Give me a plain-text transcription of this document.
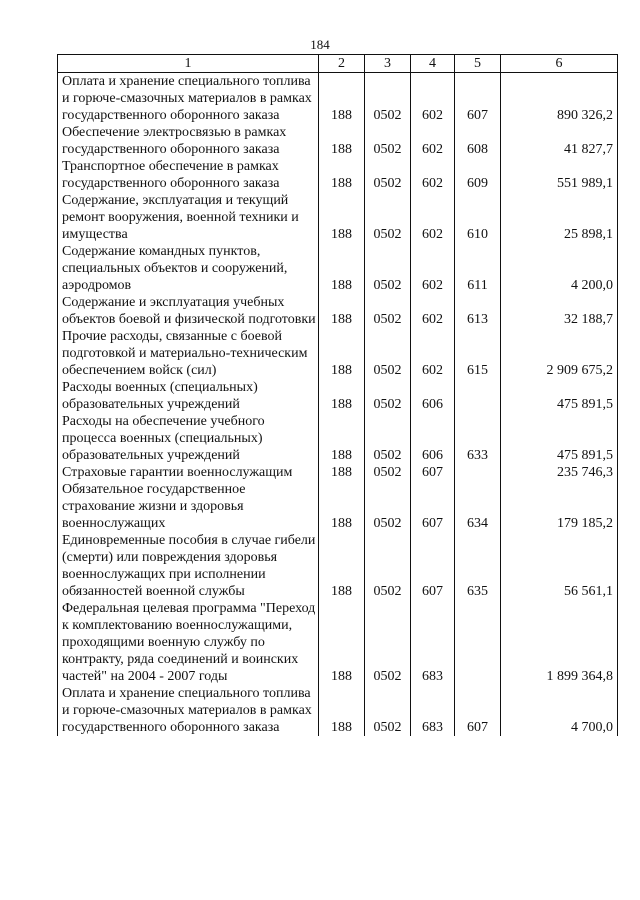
184
1	2	3	4	5	6
Оплата и хранение специального топлива и горюче-смазочных материалов в рамках государственного оборонного заказа	188	0502	602	607	890 326,2
Обеспечение электросвязью в рамках государственного оборонного заказа	188	0502	602	608	41 827,7
Транспортное обеспечение в рамках государственного оборонного заказа	188	0502	602	609	551 989,1
Содержание, эксплуатация и текущий ремонт вооружения, военной техники и имущества	188	0502	602	610	25 898,1
Содержание командных пунктов, специальных объектов и сооружений, аэродромов	188	0502	602	611	4 200,0
Содержание и эксплуатация учебных объектов боевой и физической подготовки	188	0502	602	613	32 188,7
Прочие расходы, связанные с боевой подготовкой и материально-техническим обеспечением войск (сил)	188	0502	602	615	2 909 675,2
Расходы военных (специальных) образовательных учреждений	188	0502	606		475 891,5
Расходы на обеспечение учебного процесса военных (специальных) образовательных учреждений	188	0502	606	633	475 891,5
Страховые гарантии военнослужащим	188	0502	607		235 746,3
Обязательное государственное страхование жизни и здоровья военнослужащих	188	0502	607	634	179 185,2
Единовременные пособия в случае гибели (смерти) или повреждения здоровья военнослужащих при исполнении обязанностей военной службы	188	0502	607	635	56 561,1
Федеральная целевая программа "Переход к комплектованию военнослужащими, проходящими военную службу по контракту, ряда соединений и воинских частей" на 2004 - 2007 годы	188	0502	683		1 899 364,8
Оплата и хранение специального топлива и горюче-смазочных материалов в рамках государственного оборонного заказа	188	0502	683	607	4 700,0
